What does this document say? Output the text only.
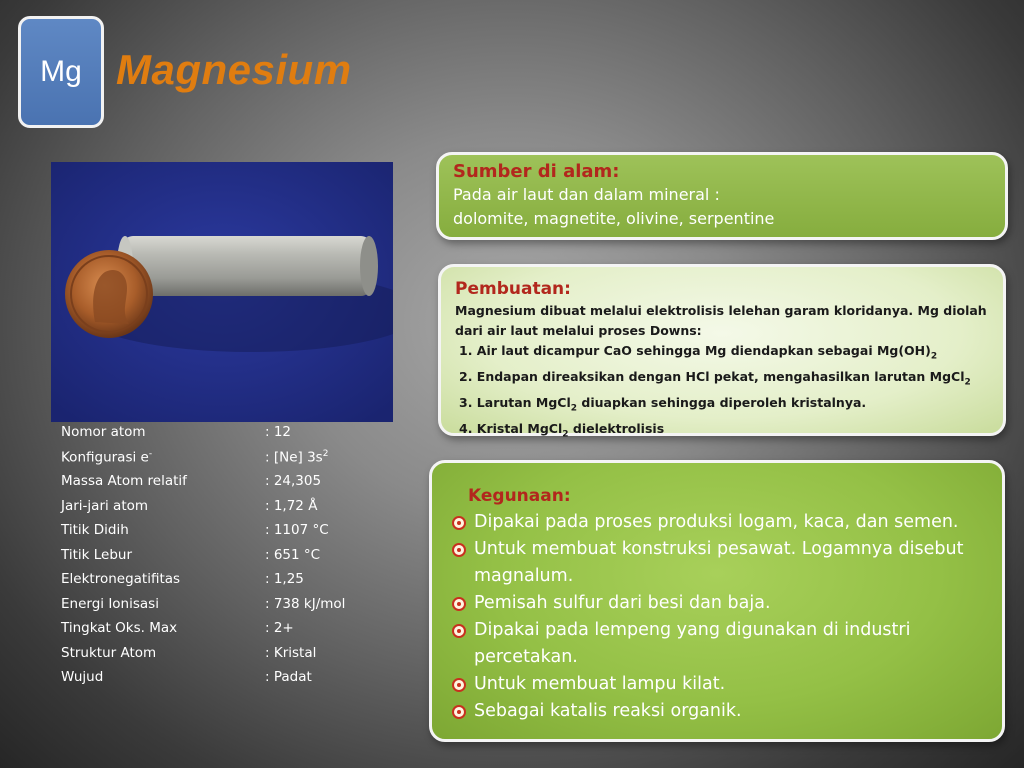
Mg Magnesium
Nomor atom	: 12
Konfigurasi e-	: [Ne] $3s^2$
Massa Atom relatif	: 24,305
Jari-jari atom	: 1,72 Å
Titik Didih	: 1107 °C
Titik Lebur	: 651 °C
Elektronegatifitas	: 1,25
Energi Ionisasi	: 738 kJ/mol
Tingkat Oks. Max	: 2+
Struktur Atom	: Kristal
Wujud	: Padat
Sumber di alam:
Pada air laut dan dalam mineral :
dolomite, magnetite, olivine, serpentine
Pembuatan:
Magnesium dibuat melalui elektrolisis lelehan garam kloridanya. Mg diolah
dari air laut melalui proses Downs:
1. Air laut dicampur CaO sehingga Mg diendapkan sebagai $Mg(OH)_2$
2. Endapan direaksikan dengan HCl pekat, mengahasilkan larutan MgCl$_2$
3. Larutan MgCl$_2$ diuapkan sehingga diperoleh kristalnya.
4. Kristal MgCl$_2$ dielektrolisis
Kegunaan:
Dipakai pada proses produksi logam, kaca, dan semen.
Untuk membuat konstruksi pesawat. Logamnya disebut magnalum.
Pemisah sulfur dari besi dan baja.
Dipakai pada lempeng yang digunakan di industri percetakan.
Untuk membuat lampu kilat.
Sebagai katalis reaksi organik.
